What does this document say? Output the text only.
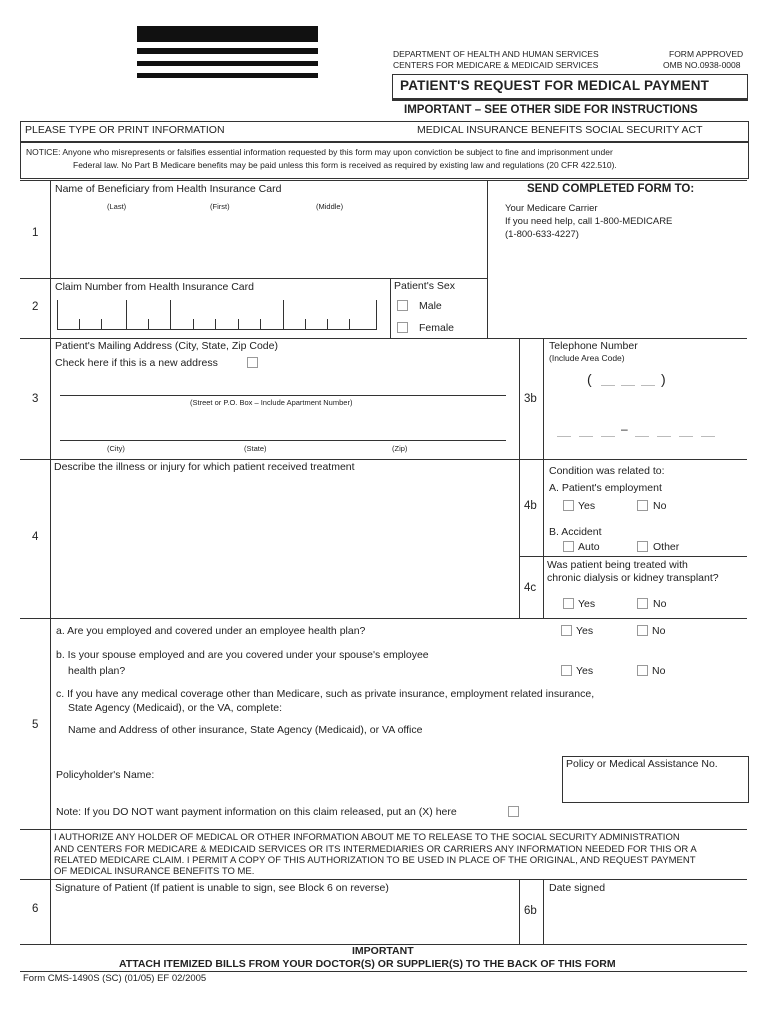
DEPARTMENT OF HEALTH AND HUMAN SERVICES
CENTERS FOR MEDICARE & MEDICAID SERVICES
FORM APPROVED
OMB NO.0938-0008
PATIENT'S REQUEST FOR MEDICAL PAYMENT
IMPORTANT – SEE OTHER SIDE FOR INSTRUCTIONS
PLEASE TYPE OR PRINT INFORMATION	MEDICAL INSURANCE BENEFITS SOCIAL SECURITY ACT
NOTICE: Anyone who misrepresents or falsifies essential information requested by this form may upon conviction be subject to fine and imprisonment under
Federal law. No Part B Medicare benefits may be paid unless this form is received as required by existing law and regulations (20 CFR 422.510).
1
Name of Beneficiary from Health Insurance Card
(Last)	(First)	(Middle)
SEND COMPLETED FORM TO:
Your Medicare Carrier
If you need help, call 1-800-MEDICARE
(1-800-633-4227)
2
Claim Number from Health Insurance Card	Patient's Sex
Male
Female
3
Patient's Mailing Address (City, State, Zip Code)
Check here if this is a new address
(Street or P.O. Box – Include Apartment Number)
(City)	(State)	(Zip)
3b
Telephone Number
(Include Area Code)
(	)
–
4
Describe the illness or injury for which patient received treatment
4b
Condition was related to:
A. Patient's employment
Yes	No
B. Accident
Auto	Other
4c
Was patient being treated with
chronic dialysis or kidney transplant?
Yes	No
5
a. Are you employed and covered under an employee health plan?	Yes	No
b. Is your spouse employed and are you covered under your spouse's employee
health plan?	Yes	No
c. If you have any medical coverage other than Medicare, such as private insurance, employment related insurance,
State Agency (Medicaid), or the VA, complete:
Name and Address of other insurance, State Agency (Medicaid), or VA office
Policy or Medical Assistance No.
Policyholder's Name:
Note: If you DO NOT want payment information on this claim released, put an (X) here
I AUTHORIZE ANY HOLDER OF MEDICAL OR OTHER INFORMATION ABOUT ME TO RELEASE TO THE SOCIAL SECURITY ADMINISTRATION
AND CENTERS FOR MEDICARE & MEDICAID SERVICES OR ITS INTERMEDIARIES OR CARRIERS ANY INFORMATION NEEDED FOR THIS OR A
RELATED MEDICARE CLAIM. I PERMIT A COPY OF THIS AUTHORIZATION TO BE USED IN PLACE OF THE ORIGINAL, AND REQUEST PAYMENT
OF MEDICAL INSURANCE BENEFITS TO ME.
6
Signature of Patient (If patient is unable to sign, see Block 6 on reverse)
6b
Date signed
IMPORTANT
ATTACH ITEMIZED BILLS FROM YOUR DOCTOR(S) OR SUPPLIER(S) TO THE BACK OF THIS FORM
Form CMS-1490S (SC) (01/05) EF 02/2005
